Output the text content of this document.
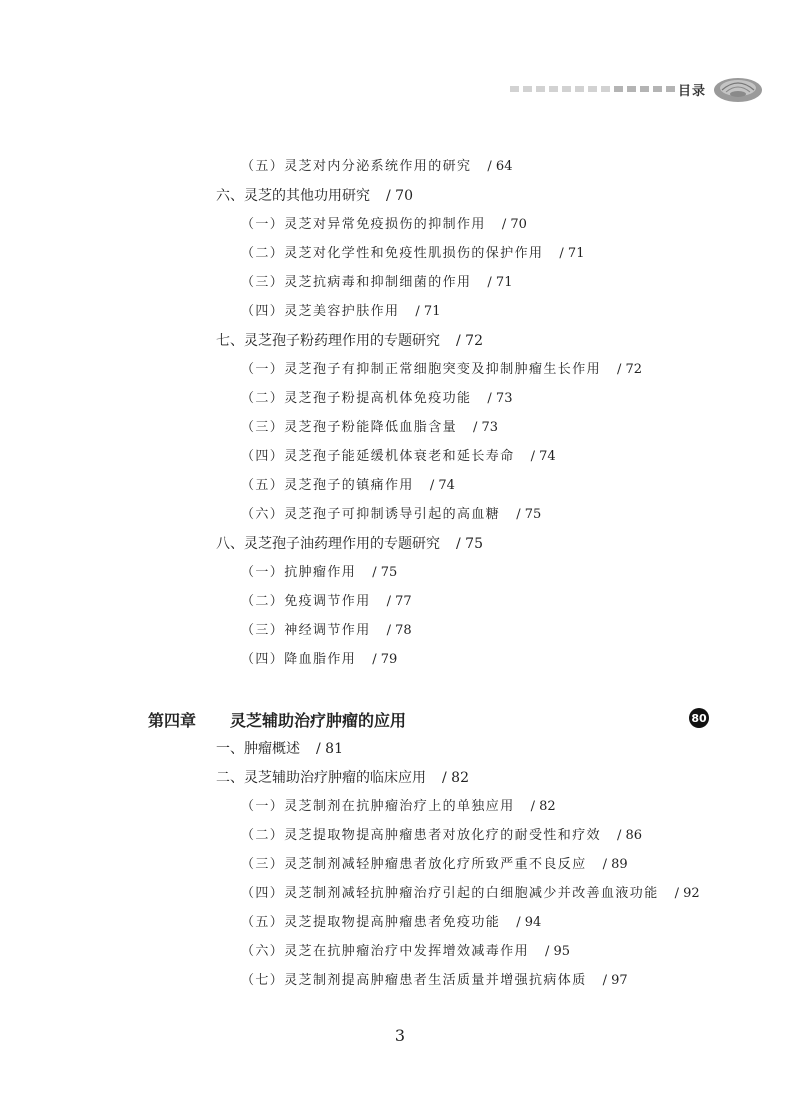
目录
（五）灵芝对内分泌系统作用的研究 / 64
六、灵芝的其他功用研究 / 70
（一）灵芝对异常免疫损伤的抑制作用 / 70
（二）灵芝对化学性和免疫性肌损伤的保护作用 / 71
（三）灵芝抗病毒和抑制细菌的作用 / 71
（四）灵芝美容护肤作用 / 71
七、灵芝孢子粉药理作用的专题研究 / 72
（一）灵芝孢子有抑制正常细胞突变及抑制肿瘤生长作用 / 72
（二）灵芝孢子粉提高机体免疫功能 / 73
（三）灵芝孢子粉能降低血脂含量 / 73
（四）灵芝孢子能延缓机体衰老和延长寿命 / 74
（五）灵芝孢子的镇痛作用 / 74
（六）灵芝孢子可抑制诱导引起的高血糖 / 75
八、灵芝孢子油药理作用的专题研究 / 75
（一）抗肿瘤作用 / 75
（二）免疫调节作用 / 77
（三）神经调节作用 / 78
（四）降血脂作用 / 79
第四章 灵芝辅助治疗肿瘤的应用	80
一、肿瘤概述 / 81
二、灵芝辅助治疗肿瘤的临床应用 / 82
（一）灵芝制剂在抗肿瘤治疗上的单独应用 / 82
（二）灵芝提取物提高肿瘤患者对放化疗的耐受性和疗效 / 86
（三）灵芝制剂减轻肿瘤患者放化疗所致严重不良反应 / 89
（四）灵芝制剂减轻抗肿瘤治疗引起的白细胞减少并改善血液功能 / 92
（五）灵芝提取物提高肿瘤患者免疫功能 / 94
（六）灵芝在抗肿瘤治疗中发挥增效减毒作用 / 95
（七）灵芝制剂提高肿瘤患者生活质量并增强抗病体质 / 97
3
